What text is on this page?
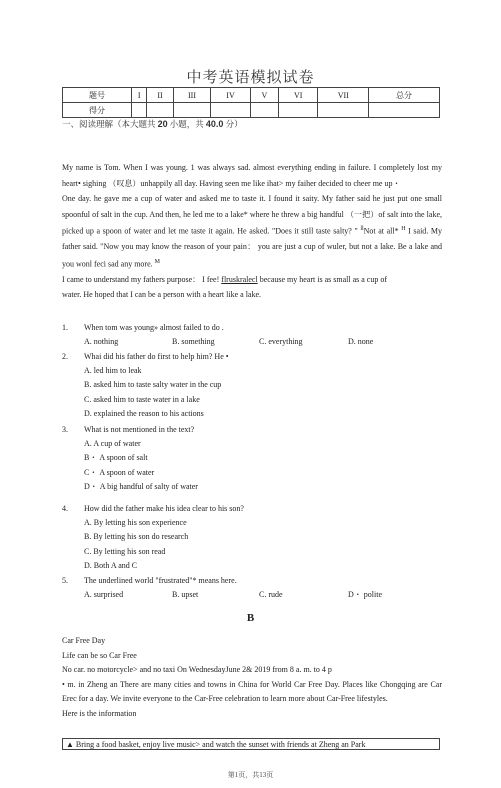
中考英语模拟试卷
题号	I	II	III	IV	V	VI	VII	总分
得分								
一、阅读理解（本大题共 20 小题，共 40.0 分）

My name is Tom. When I was young. 1 was always sad. almost everything ending in failure. I completely lost my heart• sighing （叹息）unhappily all day. Having seen me like ihat> my faiher decided to cheer me up・

One day. he gave me a cup of water and asked me to taste it. I found it saity. My father said he just put one small spoonful of salt in the cup. And then, he led me to a lake* where he threw a big handful （一把）of salt into the lake, picked up a spoon of water and let me taste it again. He asked. "Does it still taste salty? " $^{ll}$Not at all* $^H$ I said. My father said. "Now you may know the reason of your pain： you are just a cup of wuler, but not a lake. Be a lake and you wonl feci sad any more. $^M$

I came to understand my fathers purpose： I fee! flruskralecl because my heart is as small as a cup of

water. He hoped that I can be a person with a heart like a lake.

1. When tom was young» almost failed to do .
A. nothing	B. something	C. everything	D. none
2. Whai did his father do first to help him? He •
A. led him to leak
B. asked him to taste salty water in the cup
C. asked him to taste water in a lake
D. explained the reason to his actions
3. What is not mentioned in the text?
A. A cup of water
B・ A spoon of salt
C・ A spoon of water
D・ A big handful of salty of water
4. How did the father make his idea clear to his son?
A. By letting his son experience
B. By letting his son do research
C. By letting his son read
D. Both A and C
5. The underlined world "frustrated"* means here.
A. surprised	B. upset	C. rude	D・ polite
B

Car Free Day

Life can be so Car Free

No car. no motorcycle> and no taxi On WednesdayJune 2& 2019 from 8 a. m. to 4 p

• m. in Zheng an There are many cities and towns in China for World Car Free Day. Places like Chongqing are Car Erec for a day. We invite everyone to the Car-Free celebration to learn more about Car-Free lifestyles.

Here is the information

▲ Bring a food basket, enjoy live music> and watch the sunset with friends at Zheng an Park
第1页，共13页
